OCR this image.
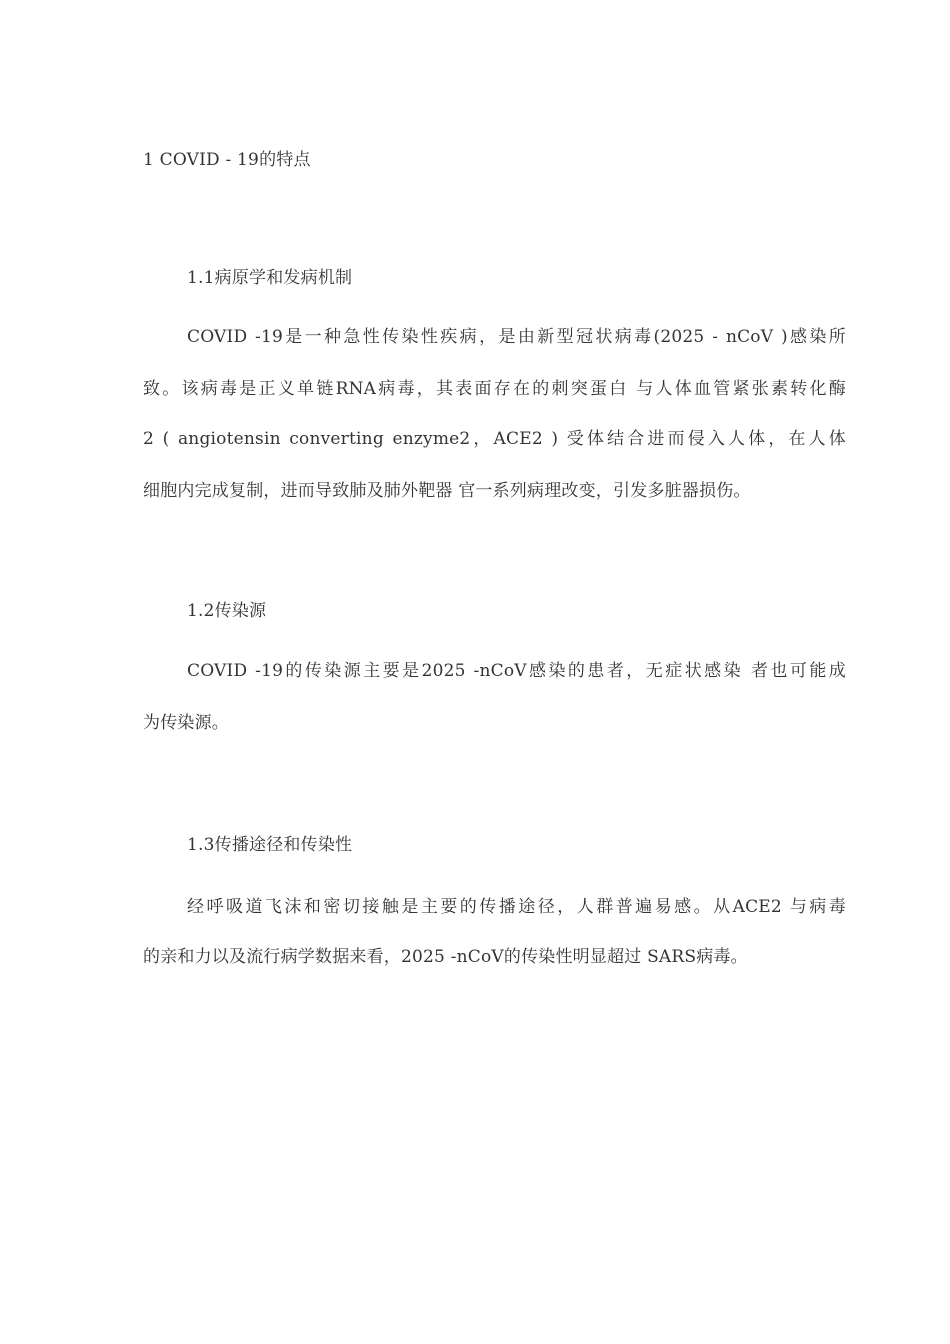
1 COVID - 19的特点
1.1病原学和发病机制
COVID -19是一种急性传染性疾病，是由新型冠状病毒(2025 - nCoV )感染所
致。该病毒是正义单链RNA病毒，其表面存在的刺突蛋白 与人体血管紧张素转化酶
2 ( angiotensin converting enzyme2，ACE2 ) 受体结合进而侵入人体，在人体
细胞内完成复制，进而导致肺及肺外靶器 官一系列病理改变，引发多脏器损伤。
1.2传染源
COVID -19的传染源主要是2025 -nCoV感染的患者，无症状感染 者也可能成
为传染源。
1.3传播途径和传染性
经呼吸道飞沫和密切接触是主要的传播途径，人群普遍易感。从ACE2 与病毒
的亲和力以及流行病学数据来看，2025 -nCoV的传染性明显超过 SARS病毒。
